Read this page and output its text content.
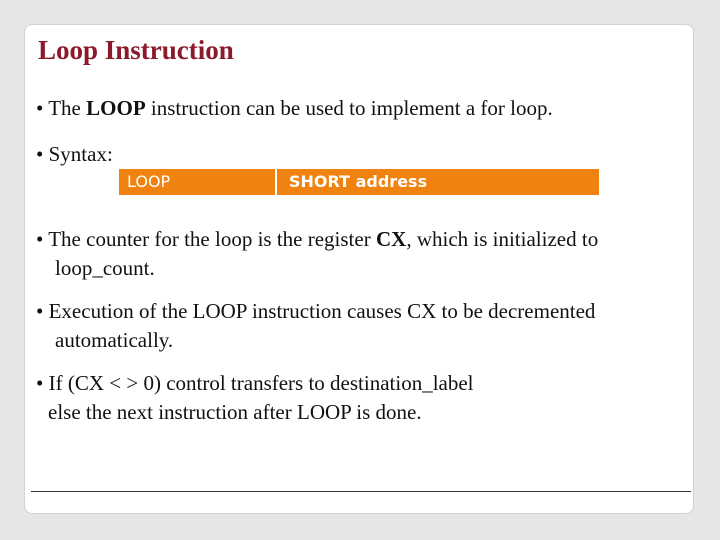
Loop Instruction
• The LOOP instruction can be used to implement a for loop.
• Syntax:
LOOP	SHORT address
• The counter for the loop is the register CX, which is initialized to
loop_count.
• Execution of the LOOP instruction causes CX to be decremented
automatically.
• If (CX < > 0) control transfers to destination_label
else the next instruction after LOOP is done.
